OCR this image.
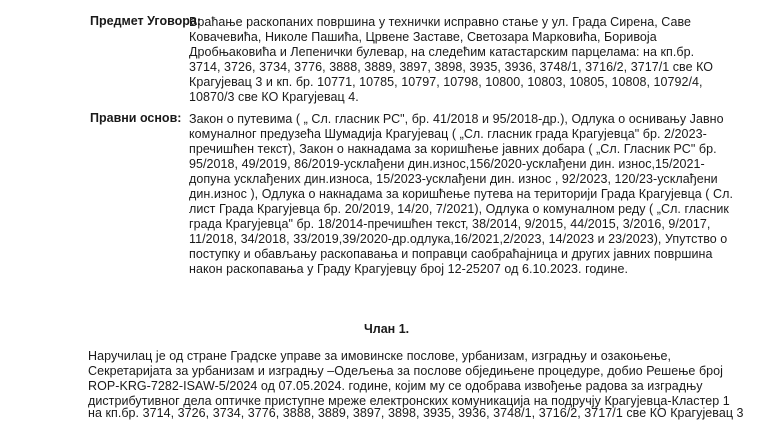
Предмет Уговора:
Враћање раскопаних површина у технички исправно стање у ул. Града Сирена, Саве
Ковачевића, Николе Пашића, Црвене Заставе, Светозара Марковића, Боривоја
Дробњаковића и Лепенички булевар, на следећим катастарским парцелама: на кп.бр.
3714, 3726, 3734, 3776, 3888, 3889, 3897, 3898, 3935, 3936, 3748/1, 3716/2, 3717/1 све КО
Крагујевац 3 и кп. бр. 10771, 10785, 10797, 10798, 10800, 10803, 10805, 10808, 10792/4,
10870/3 све КО Крагујевац 4.
Правни основ: Закон о путевима ( „ Сл. гласник РС", бр. 41/2018 и 95/2018-др.), Одлука о оснивању Јавно
комуналног предузећа Шумадија Крагујевац ( „Сл. гласник града Крагујевца" бр. 2/2023-
пречишћен текст), Закон о накнадама за коришћење јавних добара ( „Сл. Гласник РС" бр.
95/2018, 49/2019, 86/2019-усклађени дин.износ,156/2020-усклађени дин. износ,15/2021-
допуна усклађених дин.износа, 15/2023-усклађени дин. износ , 92/2023, 120/23-усклађени
дин.износ ), Одлука о накнадама за коришћење путева на територији Града Крагујевца ( Сл.
лист Града Крагујевца бр. 20/2019, 14/20, 7/2021), Одлука о комуналном реду ( „Сл. гласник
града Крагујевца" бр. 18/2014-пречишћен текст, 38/2014, 9/2015, 44/2015, 3/2016, 9/2017,
11/2018, 34/2018, 33/2019,39/2020-др.одлука,16/2021,2/2023, 14/2023 и 23/2023), Упутство о
поступку и обављању раскопавања и поправци саобраћајница и других јавних површина
након раскопавања у Граду Крагујевцу број 12-25207 од 6.10.2023. године.
Члан 1.
Наручилац је од стране Градске управе за имовинске послове, урбанизам, изградњу и озакоњење,
Секретаријата за урбанизам и изградњу –Одељења за послове обједињене процедуре, добио Решење број
ROP-KRG-7282-ISAW-5/2024 од 07.05.2024. године, којим му се одобрава извођење радова за изградњу
дистрибутивног дела оптичке приступне мреже електронских комуникација на подручју Крагујевца-Кластер 1
на кп.бр. 3714, 3726, 3734, 3776, 3888, 3889, 3897, 3898, 3935, 3936, 3748/1, 3716/2, 3717/1 све КО Крагујевац 3
